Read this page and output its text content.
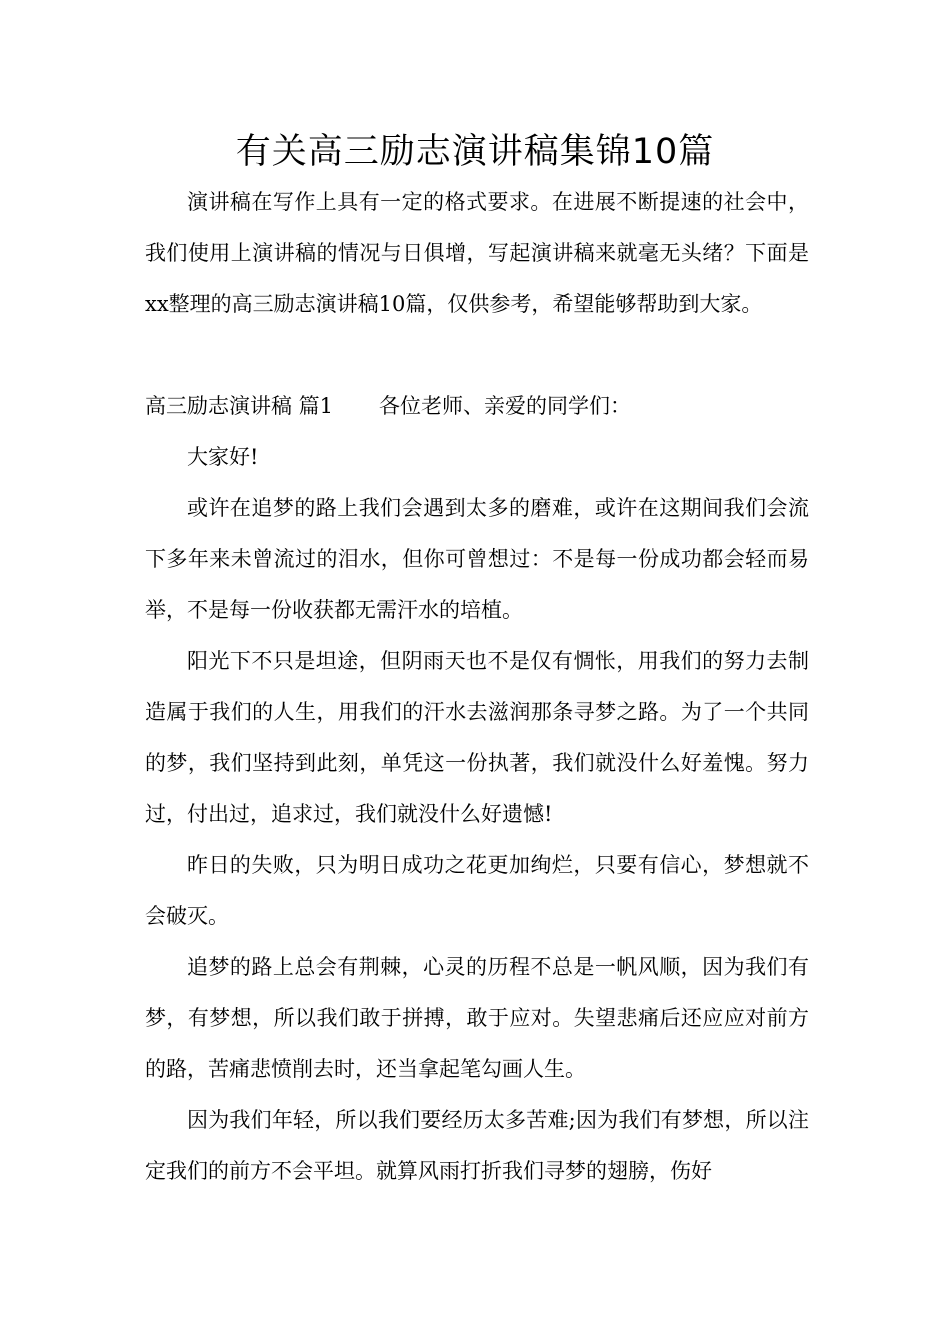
有关高三励志演讲稿集锦10篇

演讲稿在写作上具有一定的格式要求。在进展不断提速的社会中，我们使用上演讲稿的情况与日俱增，写起演讲稿来就毫无头绪？下面是xx整理的高三励志演讲稿10篇，仅供参考，希望能够帮助到大家。

高三励志演讲稿 篇1 各位老师、亲爱的同学们：

大家好!

或许在追梦的路上我们会遇到太多的磨难，或许在这期间我们会流下多年来未曾流过的泪水，但你可曾想过：不是每一份成功都会轻而易举，不是每一份收获都无需汗水的培植。

阳光下不只是坦途，但阴雨天也不是仅有惆怅，用我们的努力去制造属于我们的人生，用我们的汗水去滋润那条寻梦之路。为了一个共同的梦，我们坚持到此刻，单凭这一份执著，我们就没什么好羞愧。努力过，付出过，追求过，我们就没什么好遗憾!

昨日的失败，只为明日成功之花更加绚烂，只要有信心，梦想就不会破灭。

追梦的路上总会有荆棘，心灵的历程不总是一帆风顺，因为我们有梦，有梦想，所以我们敢于拼搏，敢于应对。失望悲痛后还应应对前方的路，苦痛悲愤削去时，还当拿起笔勾画人生。

因为我们年轻，所以我们要经历太多苦难;因为我们有梦想，所以注定我们的前方不会平坦。就算风雨打折我们寻梦的翅膀，伤好
